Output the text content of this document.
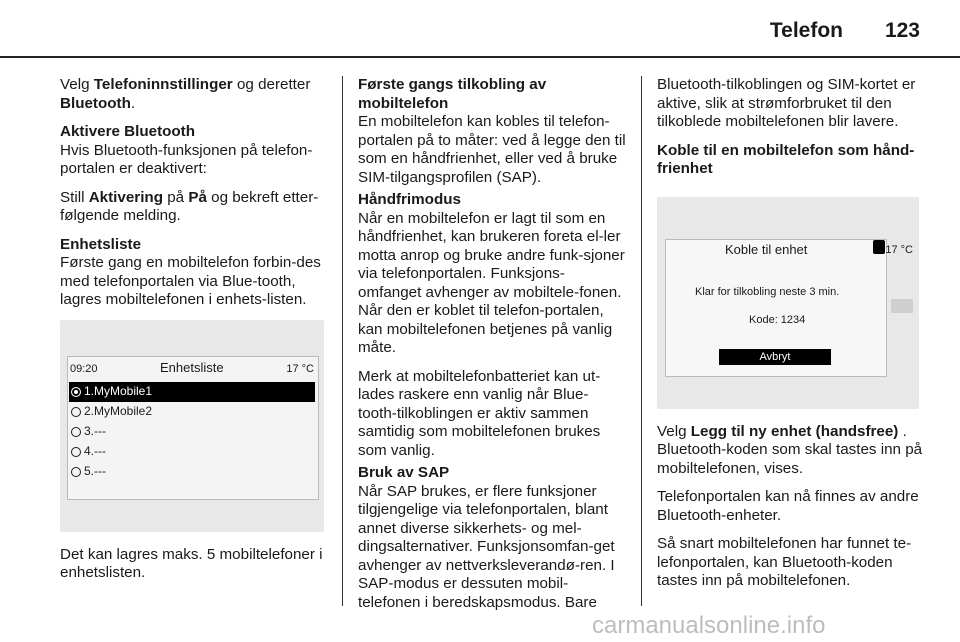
Telefon 123

Velg Telefoninnstillinger og deretter Bluetooth.

Aktivere Bluetooth

Hvis Bluetooth-funksjonen på telefon-portalen er deaktivert:

Still Aktivering på På og bekreft etter-følgende melding.

Enhetsliste

Første gang en mobiltelefon forbin-des med telefonportalen via Blue-tooth, lagres mobiltelefonen i enhets-listen.

09:20	Enhetsliste	17 °C
1.MyMobile1
2.MyMobile2
3.---
4.---
5.---

Det kan lagres maks. 5 mobiltelefoner i enhetslisten.

Første gangs tilkobling av mobiltelefon

En mobiltelefon kan kobles til telefon-portalen på to måter: ved å legge den til som en håndfrienhet, eller ved å bruke SIM-tilgangsprofilen (SAP).

Håndfrimodus

Når en mobiltelefon er lagt til som en håndfrienhet, kan brukeren foreta el-ler motta anrop og bruke andre funk-sjoner via telefonportalen. Funksjons-omfanget avhenger av mobiltele-fonen. Når den er koblet til telefon-portalen, kan mobiltelefonen betjenes på vanlig måte.

Merk at mobiltelefonbatteriet kan ut-lades raskere enn vanlig når Blue-tooth-tilkoblingen er aktiv sammen samtidig som mobiltelefonen brukes som vanlig.

Bruk av SAP

Når SAP brukes, er flere funksjoner tilgjengelige via telefonportalen, blant annet diverse sikkerhets- og mel-dingsalternativer. Funksjonsomfan-get avhenger av nettverksleverandø-ren. I SAP-modus er dessuten mobil-telefonen i beredskapsmodus. Bare

Bluetooth-tilkoblingen og SIM-kortet er aktive, slik at strømforbruket til den tilkoblede mobiltelefonen blir lavere.

Koble til en mobiltelefon som hånd-frienhet

Koble til enhet	17 °C
Klar for tilkobling neste 3 min.
Kode: 1234
Avbryt

Velg Legg til ny enhet (handsfree) . Bluetooth-koden som skal tastes inn på mobiltelefonen, vises.

Telefonportalen kan nå finnes av andre Bluetooth-enheter.

Så snart mobiltelefonen har funnet te-lefonportalen, kan Bluetooth-koden tastes inn på mobiltelefonen.

carmanualsonline.info
